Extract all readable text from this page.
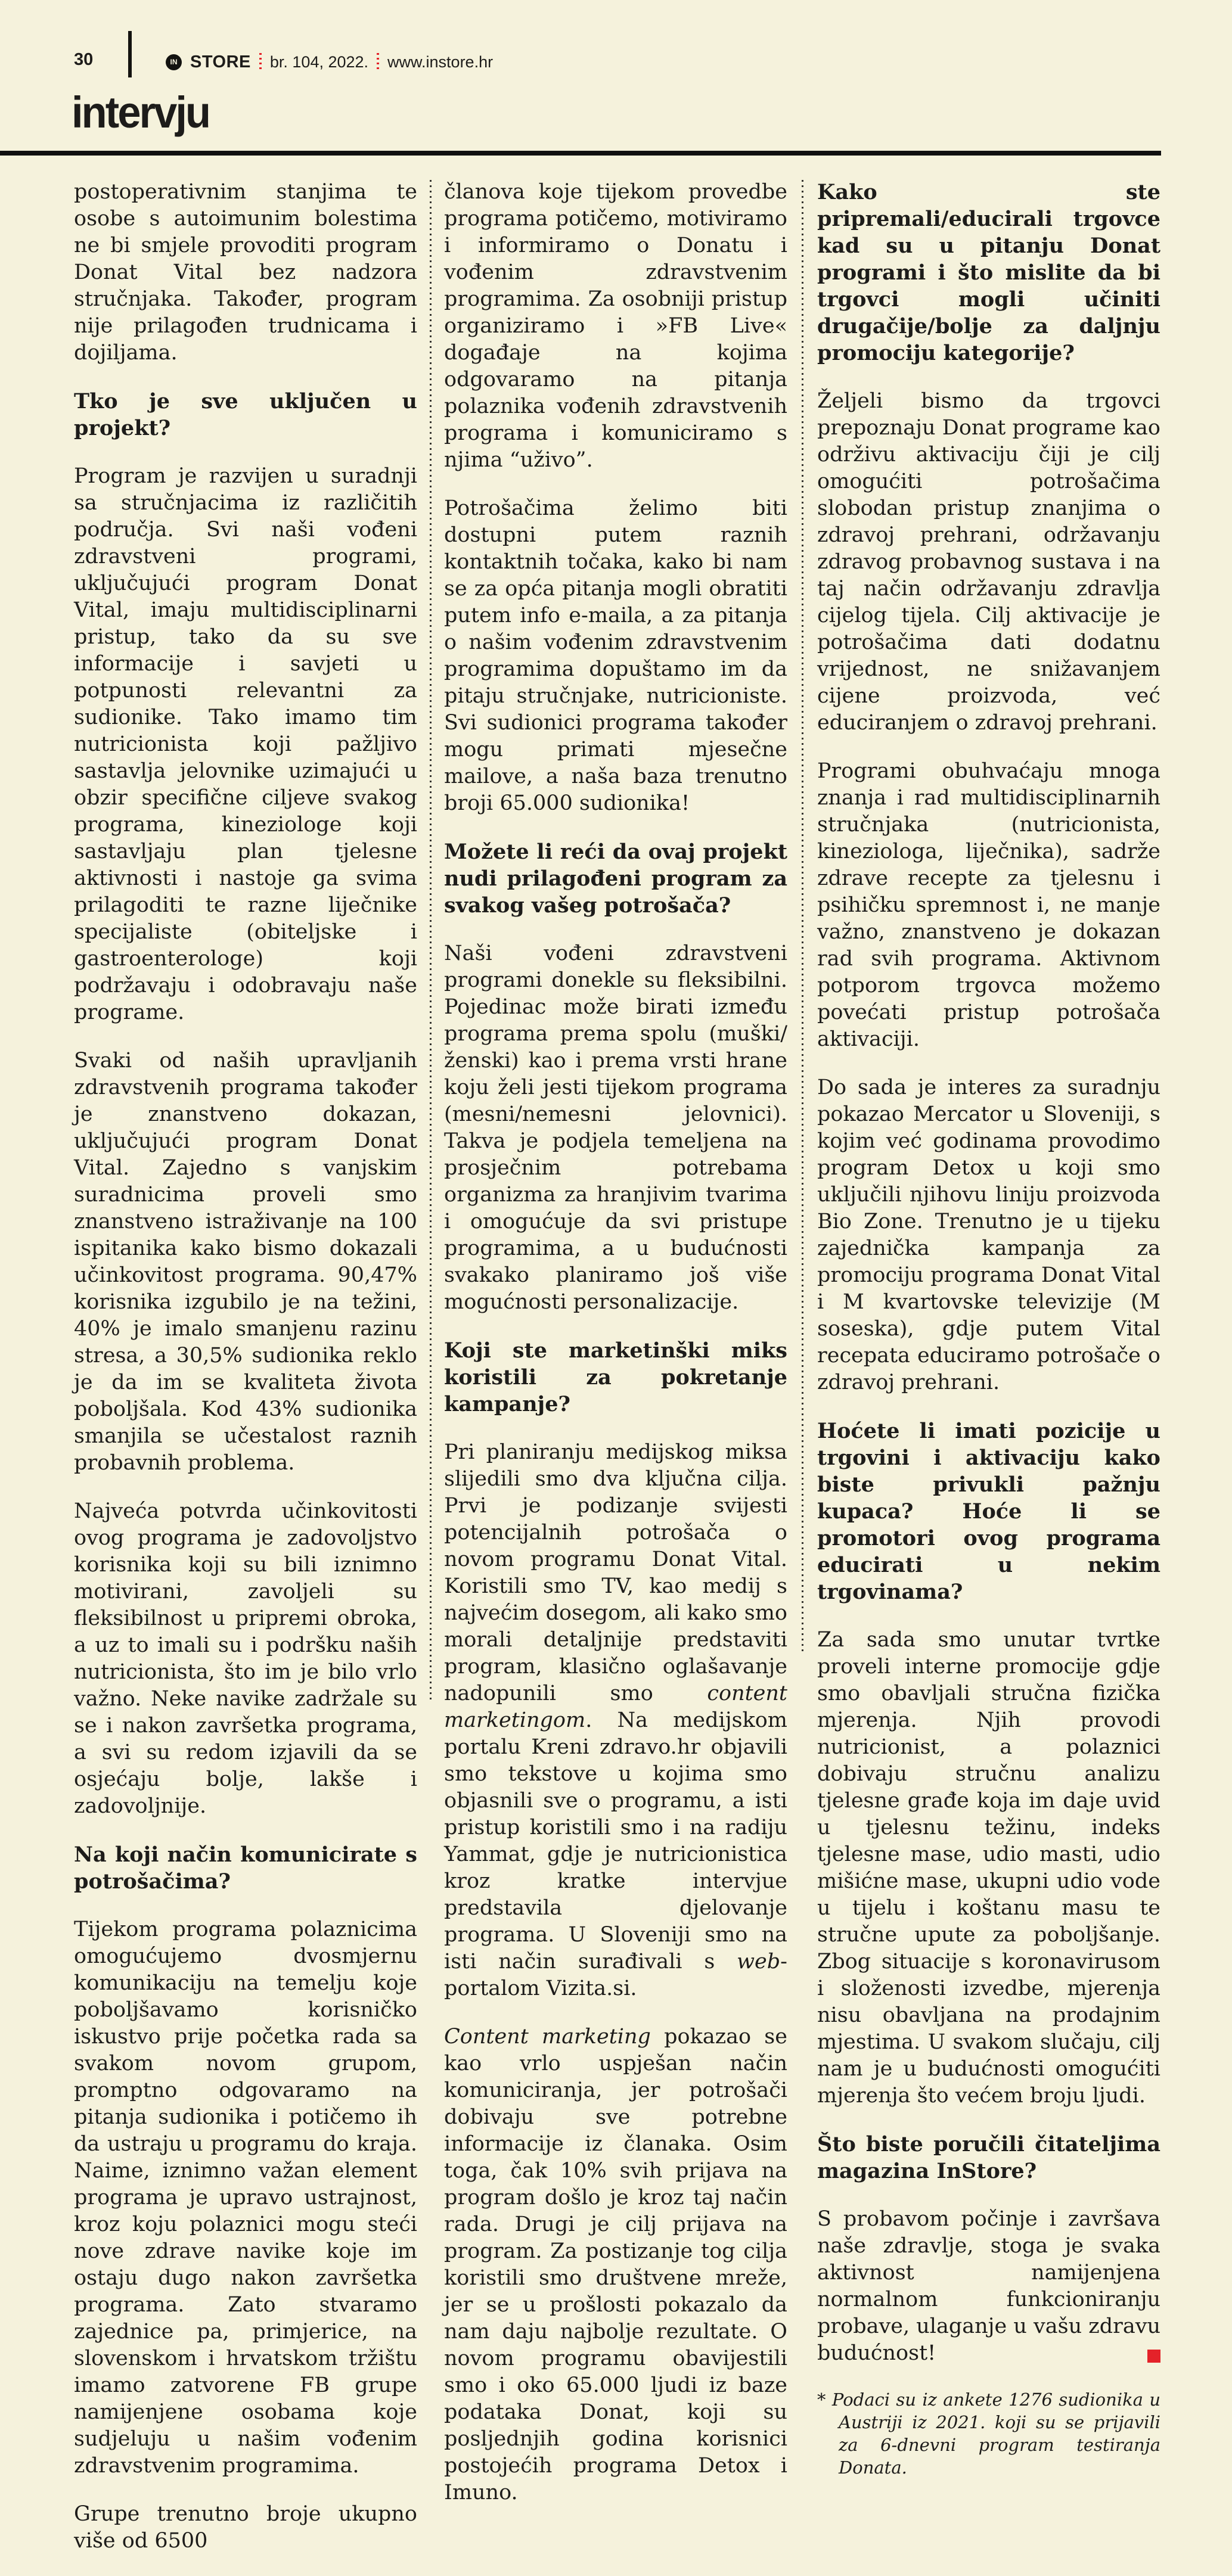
30	IN STORE br. 104, 2022. www.instore.hr
intervju

postoperativnim stanjima te osobe s autoimunim bolestima ne bi smjele provoditi program Donat Vital bez nadzora stručnjaka. Također, program nije prilagođen trudnicama i dojiljama.

Tko je sve uključen u projekt?

Program je razvijen u suradnji sa stručnjacima iz različitih područja. Svi naši vođeni zdravstveni programi, uključujući program Donat Vital, imaju multidisciplinarni pristup, tako da su sve informacije i savjeti u potpunosti relevantni za sudionike. Tako imamo tim nutricionista koji pažljivo sastavlja jelovnike uzimajući u obzir specifične ciljeve svakog programa, kineziologe koji sastavljaju plan tjelesne aktivnosti i nastoje ga svima prilagoditi te razne liječnike specijaliste (obiteljske i gastroenterologe) koji podržavaju i odobravaju naše programe.

Svaki od naših upravljanih zdravstvenih programa također je znanstveno dokazan, uključujući program Donat Vital. Zajedno s vanjskim suradnicima proveli smo znanstveno istraživanje na 100 ispitanika kako bismo dokazali učinkovitost programa. 90,47% korisnika izgubilo je na težini, 40% je imalo smanjenu razinu stresa, a 30,5% sudionika reklo je da im se kvaliteta života poboljšala. Kod 43% sudionika smanjila se učestalost raznih probavnih problema.

Najveća potvrda učinkovitosti ovog programa je zadovoljstvo korisnika koji su bili iznimno motivirani, zavoljeli su fleksibilnost u pripremi obroka, a uz to imali su i podršku naših nutricionista, što im je bilo vrlo važno. Neke navike zadržale su se i nakon završetka programa, a svi su redom izjavili da se osjećaju bolje, lakše i zadovoljnije.

Na koji način komunicirate s potrošačima?

Tijekom programa polaznicima omogućujemo dvosmjernu komunikaciju na temelju koje poboljšavamo korisničko iskustvo prije početka rada sa svakom novom grupom, promptno odgovaramo na pitanja sudionika i potičemo ih da ustraju u programu do kraja. Naime, iznimno važan element programa je upravo ustrajnost, kroz koju polaznici mogu steći nove zdrave navike koje im ostaju dugo nakon završetka programa. Zato stvaramo zajednice pa, primjerice, na slovenskom i hrvatskom tržištu imamo zatvorene FB grupe namijenjene osobama koje sudjeluju u našim vođenim zdravstvenim programima.

Grupe trenutno broje ukupno više od 6500

članova koje tijekom provedbe programa potičemo, motiviramo i informiramo o Donatu i vođenim zdravstvenim programima. Za osobniji pristup organiziramo i »FB Live« događaje na kojima odgovaramo na pitanja polaznika vođenih zdravstvenih programa i komuniciramo s njima “uživo”.

Potrošačima želimo biti dostupni putem raznih kontaktnih točaka, kako bi nam se za opća pitanja mogli obratiti putem info e-maila, a za pitanja o našim vođenim zdravstvenim programima dopuštamo im da pitaju stručnjake, nutricioniste. Svi sudionici programa također mogu primati mjesečne mailove, a naša baza trenutno broji 65.000 sudionika!

Možete li reći da ovaj projekt nudi prilagođeni program za svakog vašeg potrošača?

Naši vođeni zdravstveni programi donekle su fleksibilni. Pojedinac može birati između programa prema spolu (muški/ženski) kao i prema vrsti hrane koju želi jesti tijekom programa (mesni/nemesni jelovnici). Takva je podjela temeljena na prosječnim potrebama organizma za hranjivim tvarima i omogućuje da svi pristupe programima, a u budućnosti svakako planiramo još više mogućnosti personalizacije.

Koji ste marketinški miks koristili za pokretanje kampanje?

Pri planiranju medijskog miksa slijedili smo dva ključna cilja. Prvi je podizanje svijesti potencijalnih potrošača o novom programu Donat Vital. Koristili smo TV, kao medij s najvećim dosegom, ali kako smo morali detaljnije predstaviti program, klasično oglašavanje nadopunili smo content marketingom. Na medijskom portalu Kreni zdravo.hr objavili smo tekstove u kojima smo objasnili sve o programu, a isti pristup koristili smo i na radiju Yammat, gdje je nutricionistica kroz kratke intervjue predstavila djelovanje programa. U Sloveniji smo na isti način surađivali s web-portalom Vizita.si.

Content marketing pokazao se kao vrlo uspješan način komuniciranja, jer potrošači dobivaju sve potrebne informacije iz članaka. Osim toga, čak 10% svih prijava na program došlo je kroz taj način rada. Drugi je cilj prijava na program. Za postizanje tog cilja koristili smo društvene mreže, jer se u prošlosti pokazalo da nam daju najbolje rezultate. O novom programu obavijestili smo i oko 65.000 ljudi iz baze podataka Donat, koji su posljednjih godina korisnici postojećih programa Detox i Imuno.

Kako ste pripremali/educirali trgovce kad su u pitanju Donat programi i što mislite da bi trgovci mogli učiniti drugačije/bolje za daljnju promociju kategorije?

Željeli bismo da trgovci prepoznaju Donat programe kao održivu aktivaciju čiji je cilj omogućiti potrošačima slobodan pristup znanjima o zdravoj prehrani, održavanju zdravog probavnog sustava i na taj način održavanju zdravlja cijelog tijela. Cilj aktivacije je potrošačima dati dodatnu vrijednost, ne snižavanjem cijene proizvoda, već educiranjem o zdravoj prehrani.

Programi obuhvaćaju mnoga znanja i rad multidisciplinarnih stručnjaka (nutricionista, kineziologa, liječnika), sadrže zdrave recepte za tjelesnu i psihičku spremnost i, ne manje važno, znanstveno je dokazan rad svih programa. Aktivnom potporom trgovca možemo povećati pristup potrošača aktivaciji.

Do sada je interes za suradnju pokazao Mercator u Sloveniji, s kojim već godinama provodimo program Detox u koji smo uključili njihovu liniju proizvoda Bio Zone. Trenutno je u tijeku zajednička kampanja za promociju programa Donat Vital i M kvartovske televizije (M soseska), gdje putem Vital recepata educiramo potrošače o zdravoj prehrani.

Hoćete li imati pozicije u trgovini i aktivaciju kako biste privukli pažnju kupaca? Hoće li se promotori ovog programa educirati u nekim trgovinama?

Za sada smo unutar tvrtke proveli interne promocije gdje smo obavljali stručna fizička mjerenja. Njih provodi nutricionist, a polaznici dobivaju stručnu analizu tjelesne građe koja im daje uvid u tjelesnu težinu, indeks tjelesne mase, udio masti, udio mišićne mase, ukupni udio vode u tijelu i koštanu masu te stručne upute za poboljšanje. Zbog situacije s koronavirusom i složenosti izvedbe, mjerenja nisu obavljana na prodajnim mjestima. U svakom slučaju, cilj nam je u budućnosti omogućiti mjerenja što većem broju ljudi.

Što biste poručili čitateljima magazina InStore?

S probavom počinje i završava naše zdravlje, stoga je svaka aktivnost namijenjena normalnom funkcioniranju probave, ulaganje u vašu zdravu budućnost!

* Podaci su iz ankete 1276 sudionika u Austriji iz 2021. koji su se prijavili za 6-dnevni program testiranja Donata.
